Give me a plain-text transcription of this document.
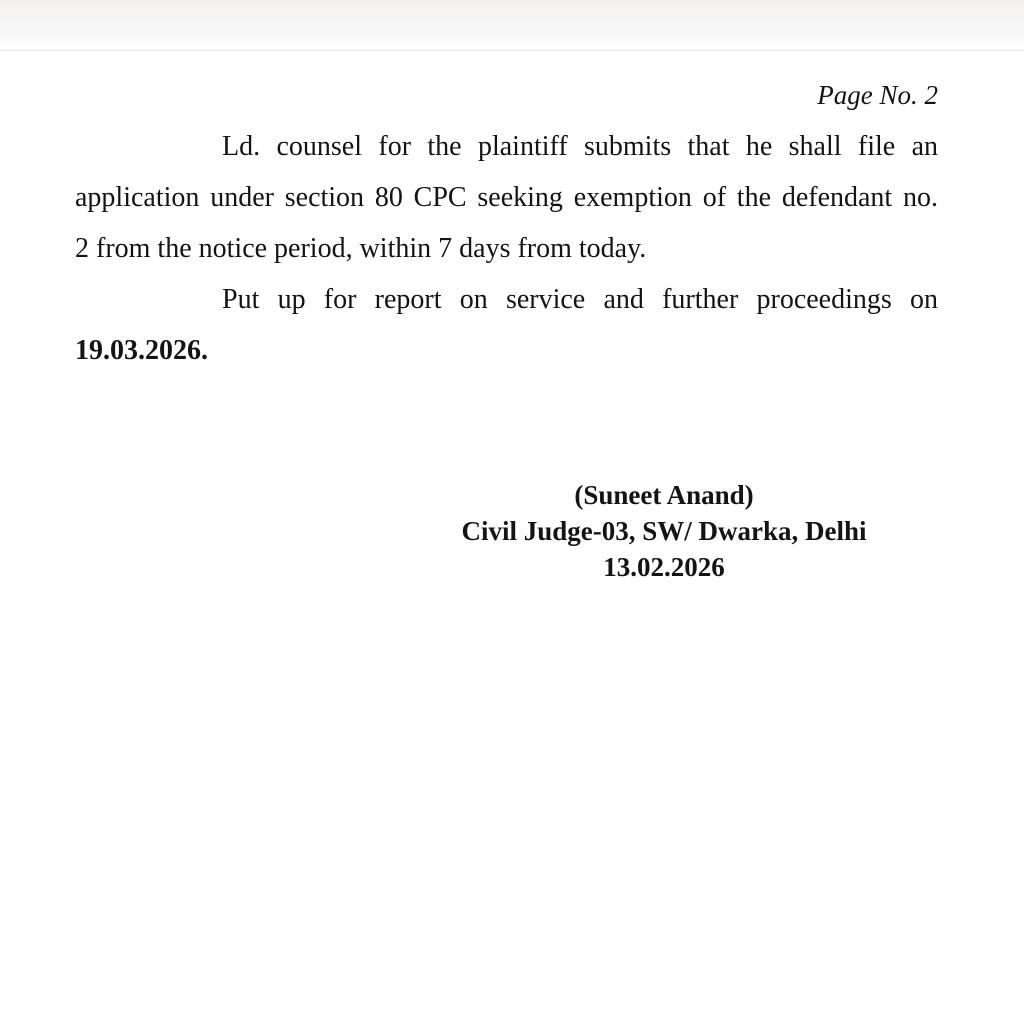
Page No. 2
Ld. counsel for the plaintiff submits that he shall file an
application under section 80 CPC seeking exemption of the defendant no.
2 from the notice period, within 7 days from today.
Put up for report on service and further proceedings on
19.03.2026.
(Suneet Anand)
Civil Judge-03, SW/ Dwarka, Delhi
13.02.2026
